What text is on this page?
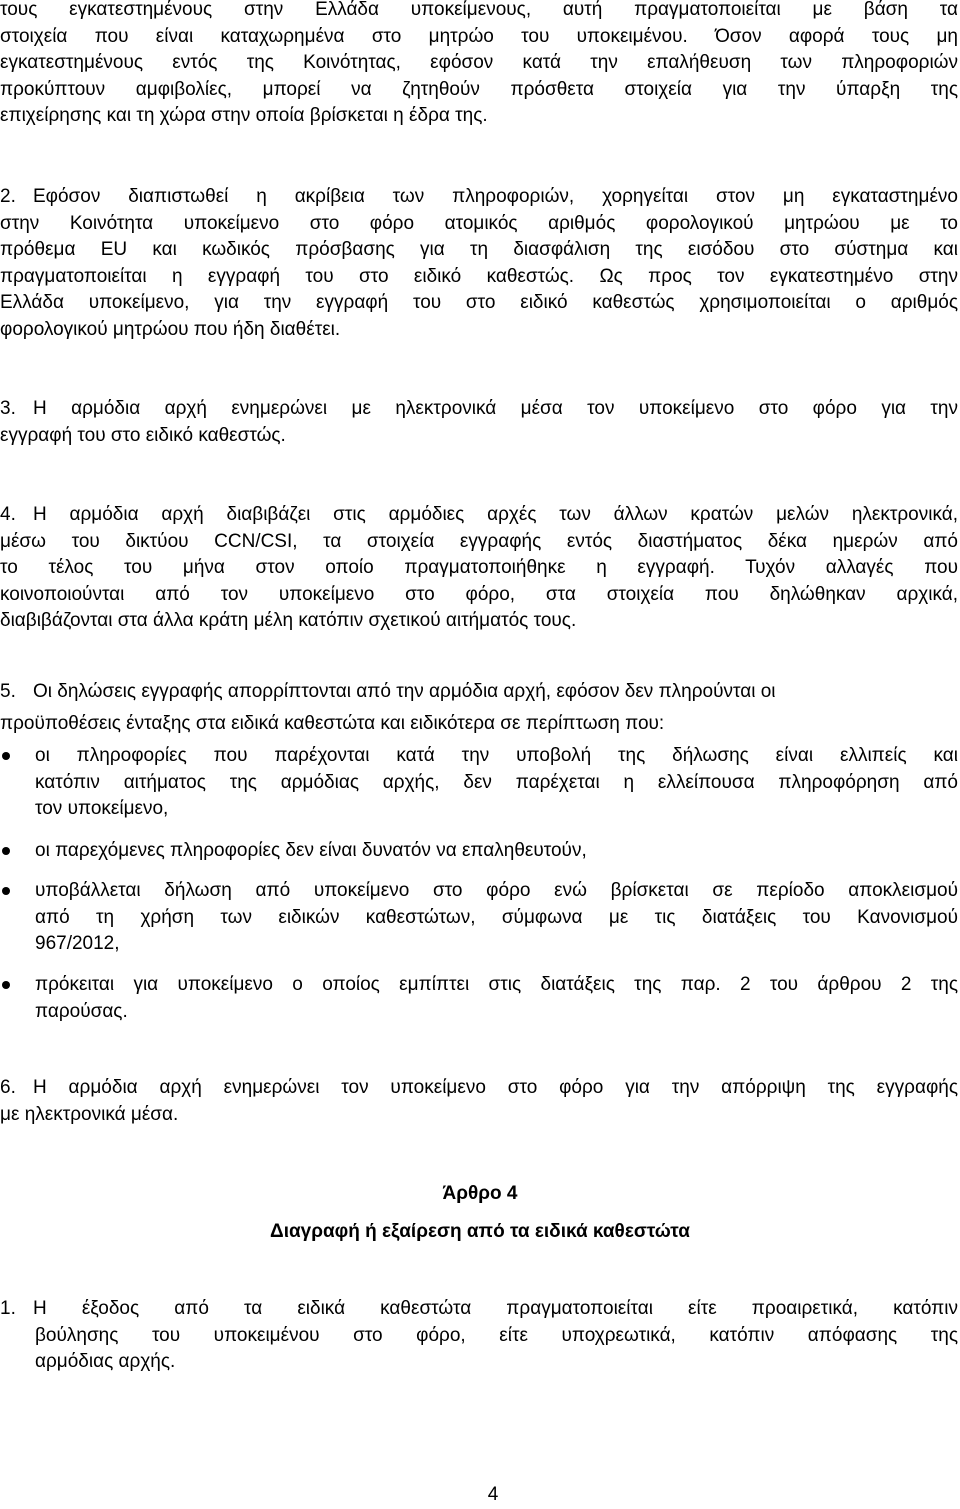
τους εγκατεστημένους στην Ελλάδα υποκείμενους, αυτή πραγματοποιείται με βάση τα
στοιχεία που είναι καταχωρημένα στο μητρώο του υποκειμένου. Όσον αφορά τους μη
εγκατεστημένους εντός της Κοινότητας, εφόσον κατά την επαλήθευση των πληροφοριών
προκύπτουν αμφιβολίες, μπορεί να ζητηθούν πρόσθετα στοιχεία για την ύπαρξη της
επιχείρησης και τη χώρα στην οποία βρίσκεται η έδρα της.
2. Εφόσον διαπιστωθεί η ακρίβεια των πληροφοριών, χορηγείται στον μη εγκαταστημένο
στην Κοινότητα υποκείμενο στο φόρο ατομικός αριθμός φορολογικού μητρώου με το
πρόθεμα EU και κωδικός πρόσβασης για τη διασφάλιση της εισόδου στο σύστημα και
πραγματοποιείται η εγγραφή του στο ειδικό καθεστώς. Ως προς τον εγκατεστημένο στην
Ελλάδα υποκείμενο, για την εγγραφή του στο ειδικό καθεστώς χρησιμοποιείται ο αριθμός
φορολογικού μητρώου που ήδη διαθέτει.
3. Η αρμόδια αρχή ενημερώνει με ηλεκτρονικά μέσα τον υποκείμενο στο φόρο για την
εγγραφή του στο ειδικό καθεστώς.
4. Η αρμόδια αρχή διαβιβάζει στις αρμόδιες αρχές των άλλων κρατών μελών ηλεκτρονικά,
μέσω του δικτύου CCN/CSI, τα στοιχεία εγγραφής εντός διαστήματος δέκα ημερών από
το τέλος του μήνα στον οποίο πραγματοποιήθηκε η εγγραφή. Τυχόν αλλαγές που
κοινοποιούνται από τον υποκείμενο στο φόρο, στα στοιχεία που δηλώθηκαν αρχικά,
διαβιβάζονται στα άλλα κράτη μέλη κατόπιν σχετικού αιτήματός τους.
5. Οι δηλώσεις εγγραφής απορρίπτονται από την αρμόδια αρχή, εφόσον δεν πληρούνται οι
προϋποθέσεις ένταξης στα ειδικά καθεστώτα και ειδικότερα σε περίπτωση που:
οι πληροφορίες που παρέχονται κατά την υποβολή της δήλωσης είναι ελλιπείς και
κατόπιν αιτήματος της αρμόδιας αρχής, δεν παρέχεται η ελλείπουσα πληροφόρηση από
τον υποκείμενο,
οι παρεχόμενες πληροφορίες δεν είναι δυνατόν να επαληθευτούν,
υποβάλλεται δήλωση από υποκείμενο στο φόρο ενώ βρίσκεται σε περίοδο αποκλεισμού
από τη χρήση των ειδικών καθεστώτων, σύμφωνα με τις διατάξεις του Κανονισμού
967/2012,
πρόκειται για υποκείμενο ο οποίος εμπίπτει στις διατάξεις της παρ. 2 του άρθρου 2 της
παρούσας.
6. Η αρμόδια αρχή ενημερώνει τον υποκείμενο στο φόρο για την απόρριψη της εγγραφής
με ηλεκτρονικά μέσα.
Άρθρο 4
Διαγραφή ή εξαίρεση από τα ειδικά καθεστώτα
1. Η έξοδος από τα ειδικά καθεστώτα πραγματοποιείται είτε προαιρετικά, κατόπιν
βούλησης του υποκειμένου στο φόρο, είτε υποχρεωτικά, κατόπιν απόφασης της
αρμόδιας αρχής.
4
